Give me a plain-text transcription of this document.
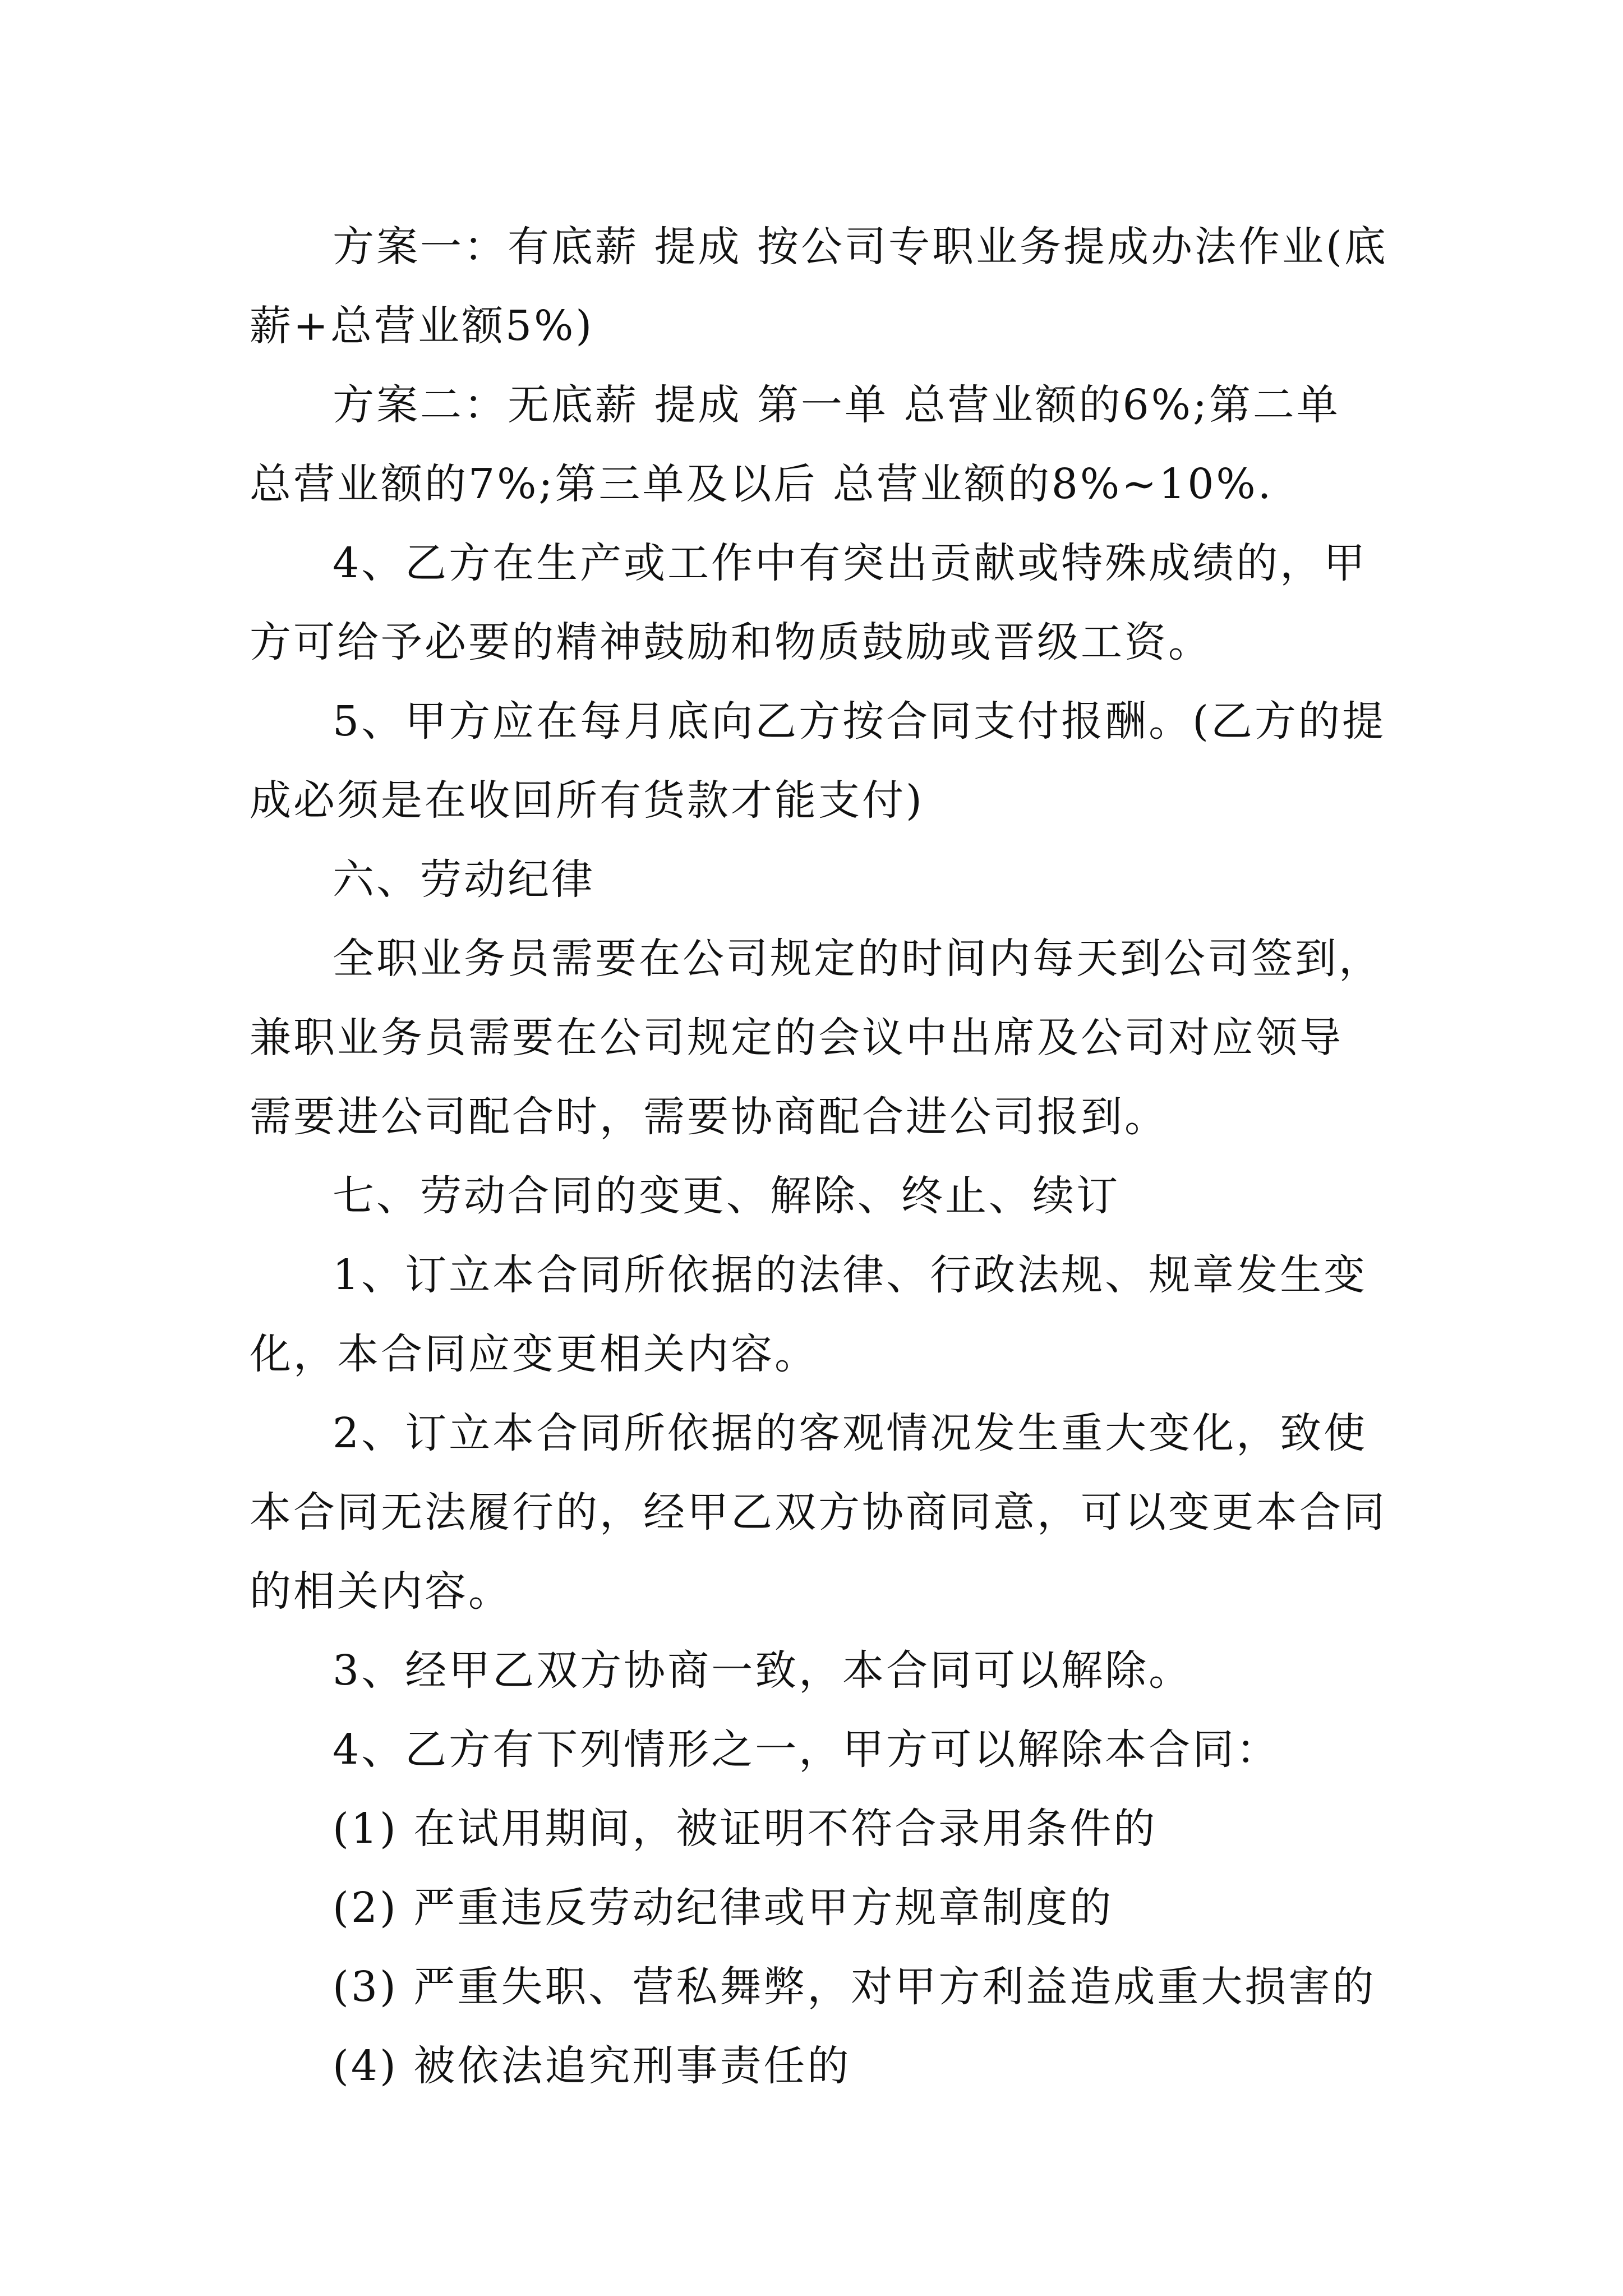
方案一：有底薪 提成 按公司专职业务提成办法作业(底
薪+总营业额5%)

方案二：无底薪 提成 第一单 总营业额的6%;第二单
总营业额的7%;第三单及以后 总营业额的8%~10%.

4、乙方在生产或工作中有突出贡献或特殊成绩的，甲
方可给予必要的精神鼓励和物质鼓励或晋级工资。

5、甲方应在每月底向乙方按合同支付报酬。(乙方的提
成必须是在收回所有货款才能支付)

六、劳动纪律

全职业务员需要在公司规定的时间内每天到公司签到，
兼职业务员需要在公司规定的会议中出席及公司对应领导
需要进公司配合时，需要协商配合进公司报到。

七、劳动合同的变更、解除、终止、续订

1、订立本合同所依据的法律、行政法规、规章发生变
化，本合同应变更相关内容。

2、订立本合同所依据的客观情况发生重大变化，致使
本合同无法履行的，经甲乙双方协商同意，可以变更本合同
的相关内容。

3、经甲乙双方协商一致，本合同可以解除。

4、乙方有下列情形之一，甲方可以解除本合同：

(1) 在试用期间，被证明不符合录用条件的

(2) 严重违反劳动纪律或甲方规章制度的

(3) 严重失职、营私舞弊，对甲方利益造成重大损害的

(4) 被依法追究刑事责任的
